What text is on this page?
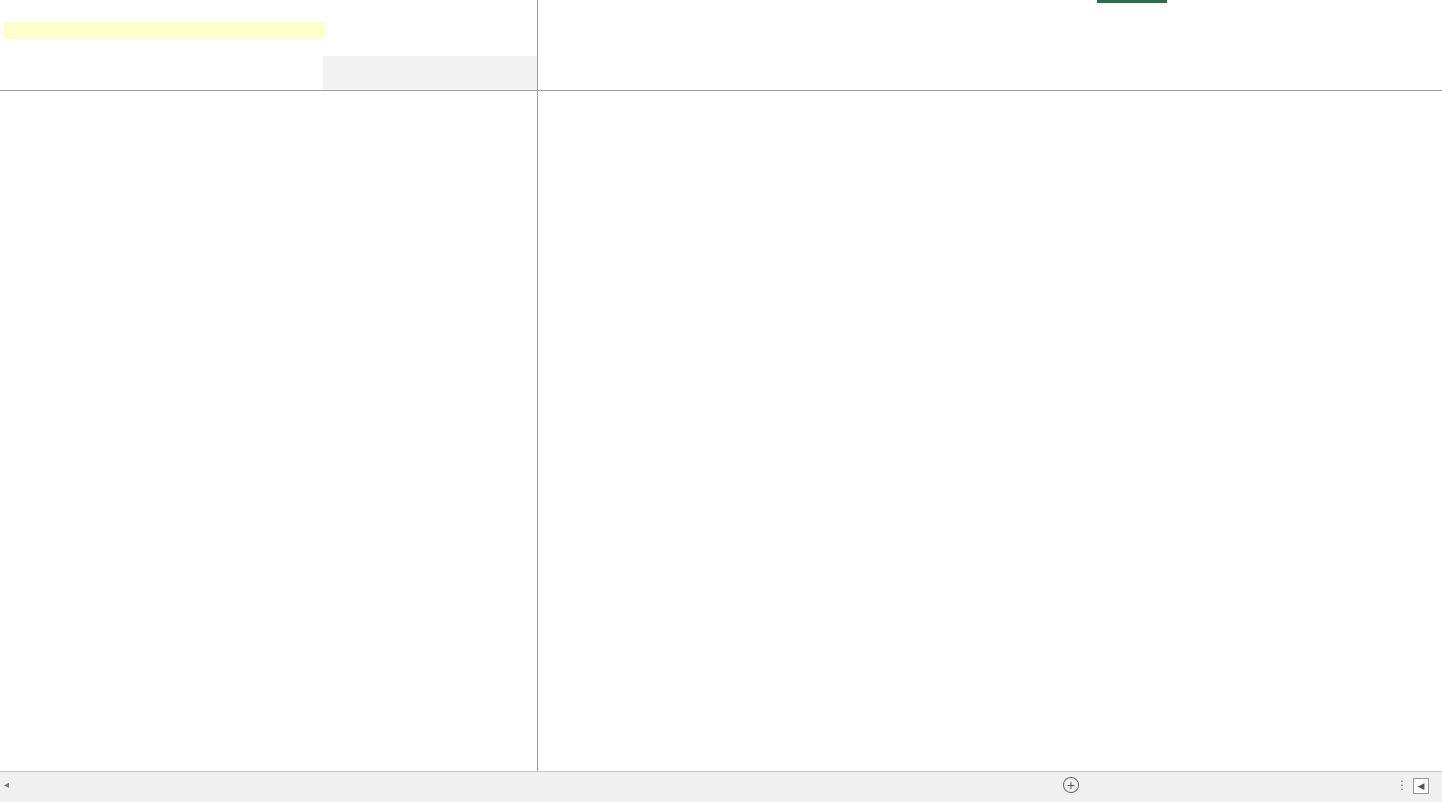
◂	+	⋮	◀
